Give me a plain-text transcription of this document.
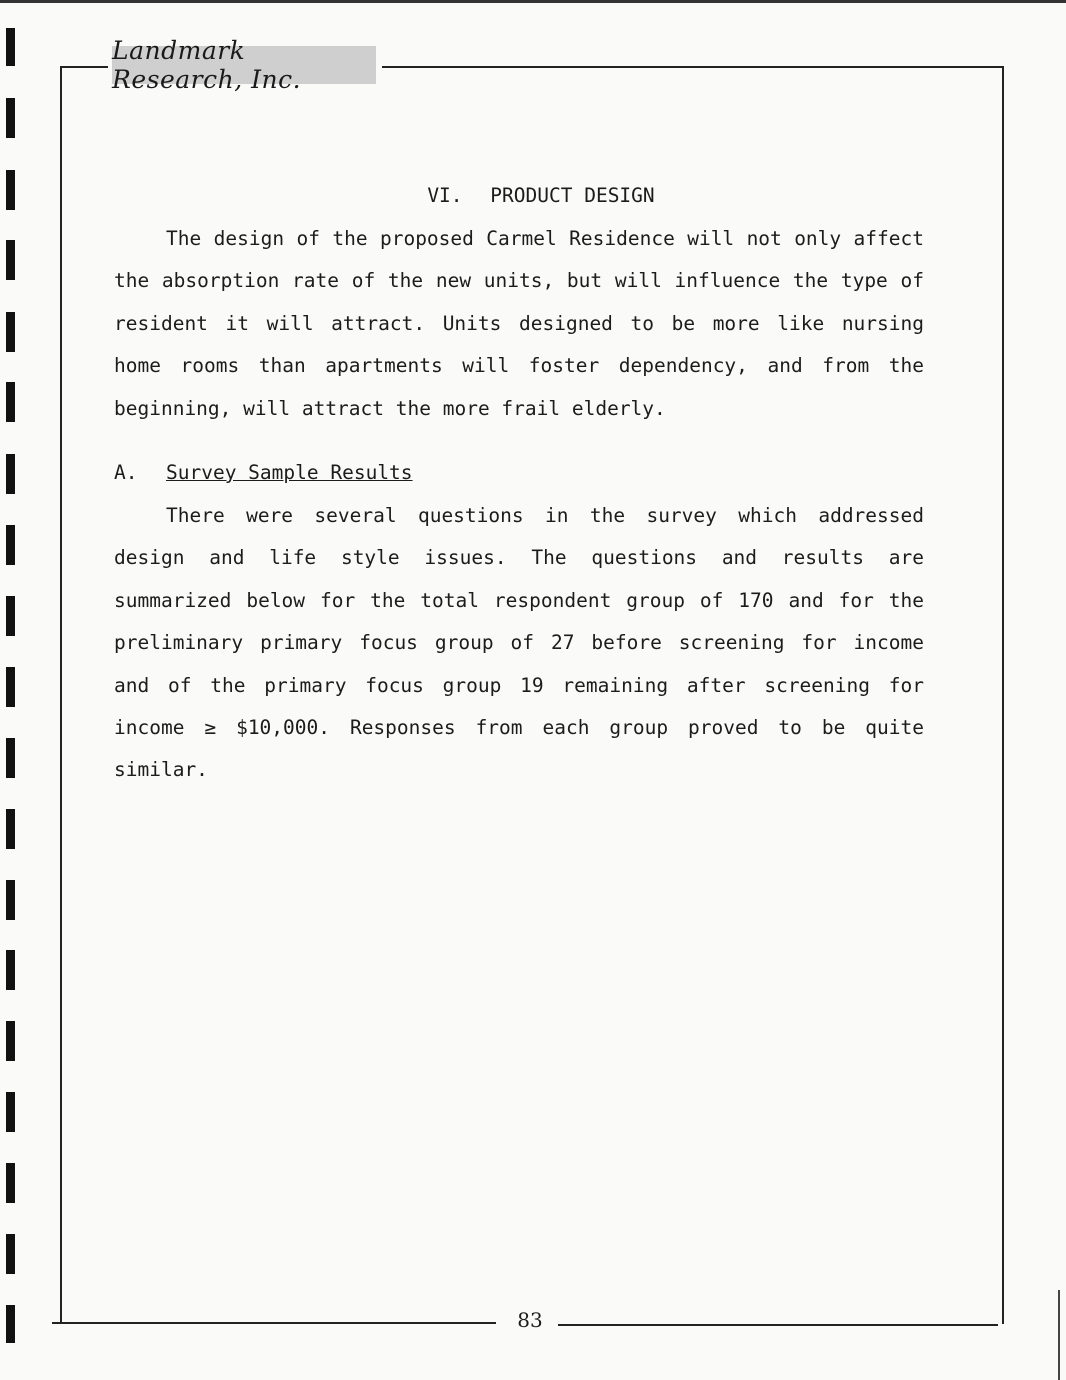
Landmark Research, Inc.
VI. PRODUCT DESIGN

The design of the proposed Carmel Residence will not only affect the absorption rate of the new units, but will influence the type of resident it will attract. Units designed to be more like nursing home rooms than apartments will foster dependency, and from the beginning, will attract the more frail elderly.

A. Survey Sample Results

There were several questions in the survey which addressed design and life style issues. The questions and results are summarized below for the total respondent group of 170 and for the preliminary primary focus group of 27 before screening for income and of the primary focus group 19 remaining after screening for income ≥ $10,000. Responses from each group proved to be quite similar.

83
